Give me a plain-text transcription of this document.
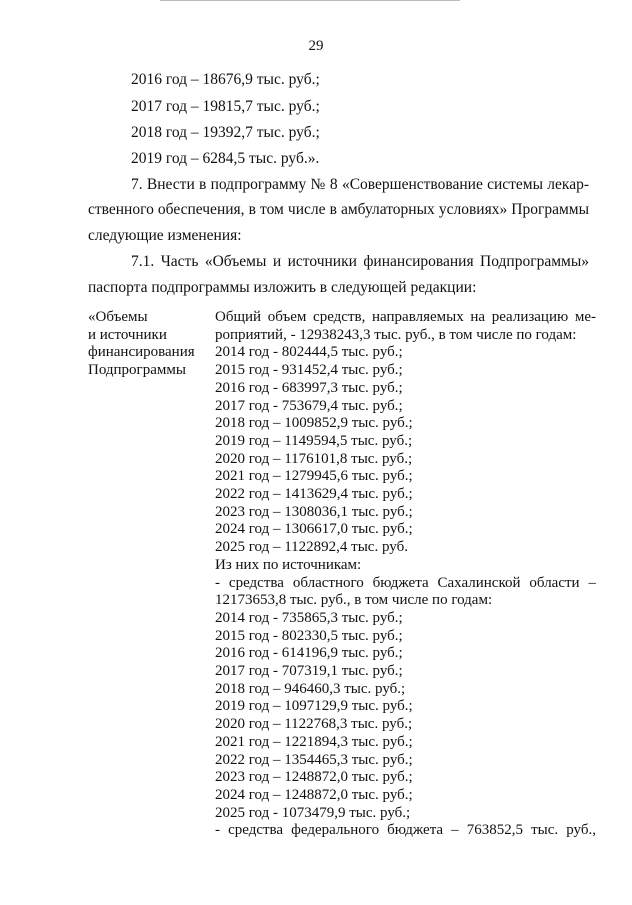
29
2016 год – 18676,9 тыс. руб.;
2017 год – 19815,7 тыс. руб.;
2018 год – 19392,7 тыс. руб.;
2019 год – 6284,5 тыс. руб.».
7. Внести в подпрограмму № 8 «Совершенствование системы лекар-
ственного обеспечения, в том числе в амбулаторных условиях» Программы
следующие изменения:
7.1. Часть «Объемы и источники финансирования Подпрограммы»
паспорта подпрограммы изложить в следующей редакции:
«Объемы
и источники
финансирования
Подпрограммы
Общий объем средств, направляемых на реализацию ме-
роприятий, - 12938243,3 тыс. руб., в том числе по годам:
2014 год - 802444,5 тыс. руб.;
2015 год - 931452,4 тыс. руб.;
2016 год - 683997,3 тыс. руб.;
2017 год - 753679,4 тыс. руб.;
2018 год – 1009852,9 тыс. руб.;
2019 год – 1149594,5 тыс. руб.;
2020 год – 1176101,8 тыс. руб.;
2021 год – 1279945,6 тыс. руб.;
2022 год – 1413629,4 тыс. руб.;
2023 год – 1308036,1 тыс. руб.;
2024 год – 1306617,0 тыс. руб.;
2025 год – 1122892,4 тыс. руб.
Из них по источникам:
- средства областного бюджета Сахалинской области –
12173653,8 тыс. руб., в том числе по годам:
2014 год - 735865,3 тыс. руб.;
2015 год - 802330,5 тыс. руб.;
2016 год - 614196,9 тыс. руб.;
2017 год - 707319,1 тыс. руб.;
2018 год – 946460,3 тыс. руб.;
2019 год – 1097129,9 тыс. руб.;
2020 год – 1122768,3 тыс. руб.;
2021 год – 1221894,3 тыс. руб.;
2022 год – 1354465,3 тыс. руб.;
2023 год – 1248872,0 тыс. руб.;
2024 год – 1248872,0 тыс. руб.;
2025 год - 1073479,9 тыс. руб.;
- средства федерального бюджета – 763852,5 тыс. руб.,
